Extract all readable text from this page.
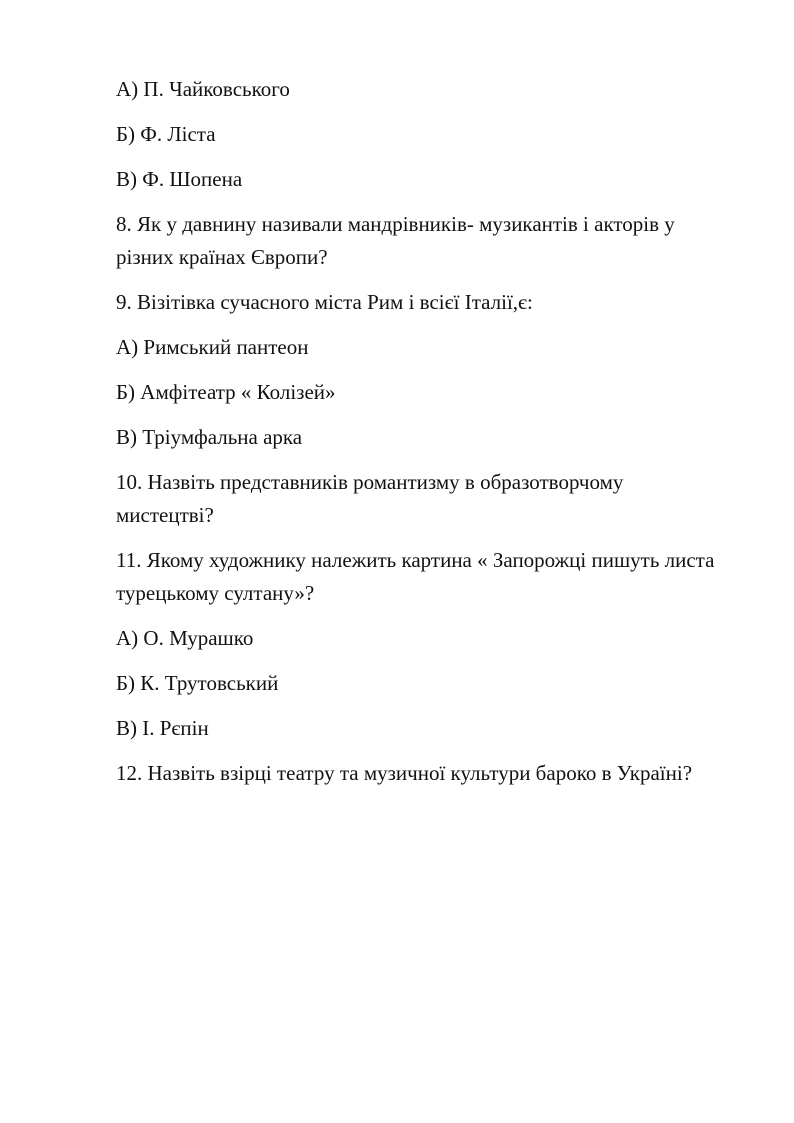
А) П. Чайковського

Б) Ф. Ліста

В) Ф. Шопена

8. Як у давнину називали мандрівників- музикантів і акторів у різних країнах Європи?

9. Візітівка сучасного міста Рим і всієї Італії,є:

А) Римський пантеон

Б) Амфітеатр « Колізей»

В) Тріумфальна арка

10. Назвіть представників романтизму в образотворчому мистецтві?

11. Якому художнику належить картина « Запорожці пишуть листа турецькому султану»?

А) О. Мурашко

Б) К. Трутовський

В) І. Рєпін

12. Назвіть взірці театру та музичної культури бароко в Україні?
